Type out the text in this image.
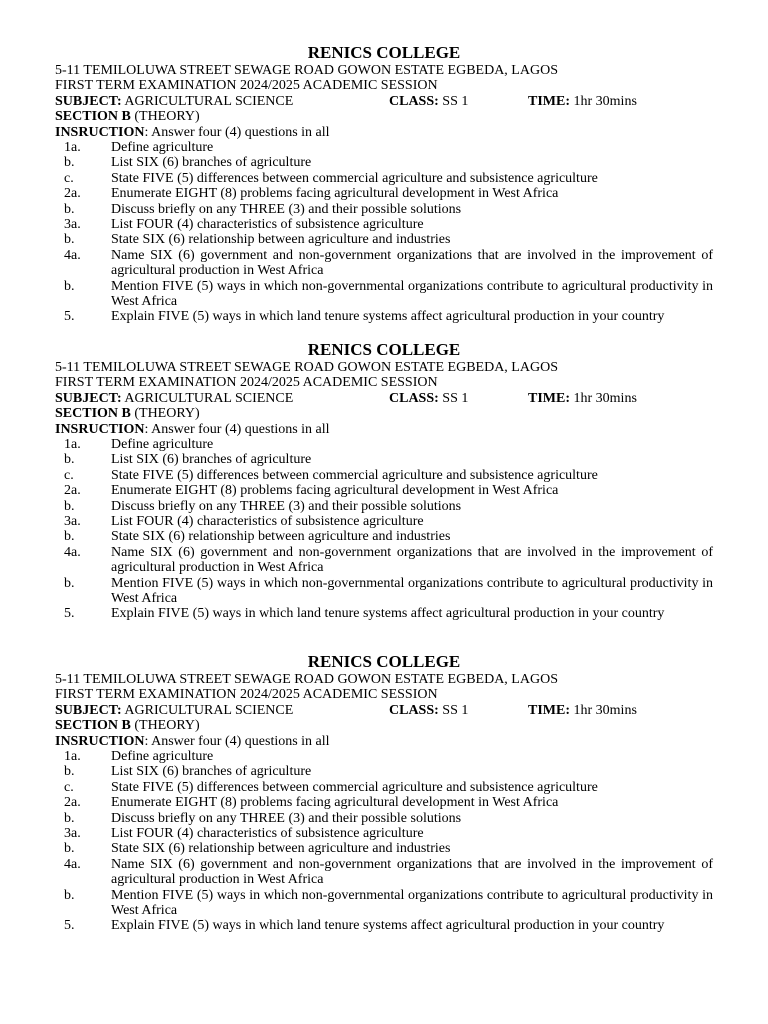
RENICS COLLEGE
5-11 TEMILOLUWA STREET SEWAGE ROAD GOWON ESTATE EGBEDA, LAGOS
FIRST TERM EXAMINATION 2024/2025 ACADEMIC SESSION
SUBJECT: AGRICULTURAL SCIENCE	CLASS: SS 1	TIME: 1hr 30mins
SECTION B (THEORY)
INSRUCTION: Answer four (4) questions in all
1a.	Define agriculture
b.	List SIX (6) branches of agriculture
c.	State FIVE (5) differences between commercial agriculture and subsistence agriculture
2a.	Enumerate EIGHT (8) problems facing agricultural development in West Africa
b.	Discuss briefly on any THREE (3) and their possible solutions
3a.	List FOUR (4) characteristics of subsistence agriculture
b.	State SIX (6) relationship between agriculture and industries
4a.	Name SIX (6) government and non-government organizations that are involved in the improvement of agricultural production in West Africa
b.	Mention FIVE (5) ways in which non-governmental organizations contribute to agricultural productivity in West Africa
5.	Explain FIVE (5) ways in which land tenure systems affect agricultural production in your country
RENICS COLLEGE
5-11 TEMILOLUWA STREET SEWAGE ROAD GOWON ESTATE EGBEDA, LAGOS
FIRST TERM EXAMINATION 2024/2025 ACADEMIC SESSION
SUBJECT: AGRICULTURAL SCIENCE	CLASS: SS 1	TIME: 1hr 30mins
SECTION B (THEORY)
INSRUCTION: Answer four (4) questions in all
1a.	Define agriculture
b.	List SIX (6) branches of agriculture
c.	State FIVE (5) differences between commercial agriculture and subsistence agriculture
2a.	Enumerate EIGHT (8) problems facing agricultural development in West Africa
b.	Discuss briefly on any THREE (3) and their possible solutions
3a.	List FOUR (4) characteristics of subsistence agriculture
b.	State SIX (6) relationship between agriculture and industries
4a.	Name SIX (6) government and non-government organizations that are involved in the improvement of agricultural production in West Africa
b.	Mention FIVE (5) ways in which non-governmental organizations contribute to agricultural productivity in West Africa
5.	Explain FIVE (5) ways in which land tenure systems affect agricultural production in your country
RENICS COLLEGE
5-11 TEMILOLUWA STREET SEWAGE ROAD GOWON ESTATE EGBEDA, LAGOS
FIRST TERM EXAMINATION 2024/2025 ACADEMIC SESSION
SUBJECT: AGRICULTURAL SCIENCE	CLASS: SS 1	TIME: 1hr 30mins
SECTION B (THEORY)
INSRUCTION: Answer four (4) questions in all
1a.	Define agriculture
b.	List SIX (6) branches of agriculture
c.	State FIVE (5) differences between commercial agriculture and subsistence agriculture
2a.	Enumerate EIGHT (8) problems facing agricultural development in West Africa
b.	Discuss briefly on any THREE (3) and their possible solutions
3a.	List FOUR (4) characteristics of subsistence agriculture
b.	State SIX (6) relationship between agriculture and industries
4a.	Name SIX (6) government and non-government organizations that are involved in the improvement of agricultural production in West Africa
b.	Mention FIVE (5) ways in which non-governmental organizations contribute to agricultural productivity in West Africa
5.	Explain FIVE (5) ways in which land tenure systems affect agricultural production in your country
